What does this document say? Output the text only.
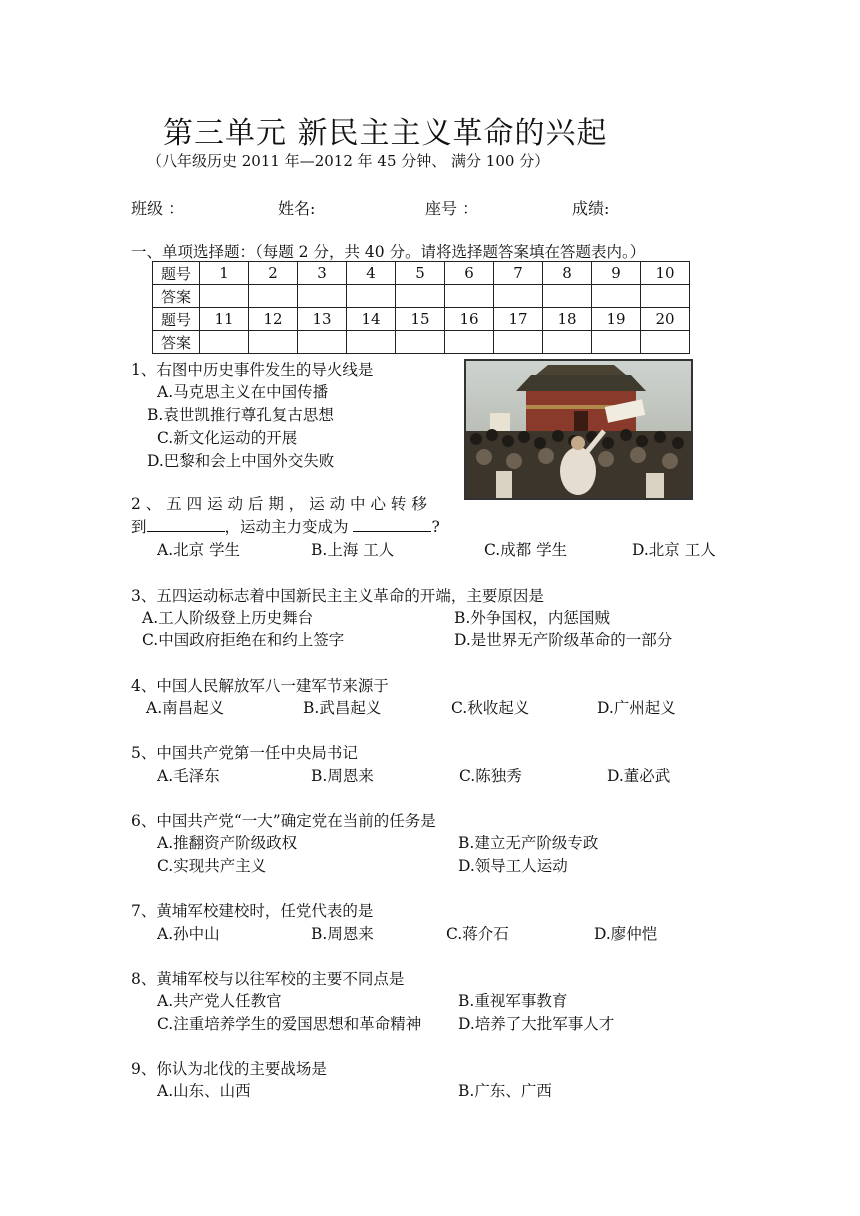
第三单元 新民主主义革命的兴起
（八年级历史 2011 年—2012 年 45 分钟、 满分 100 分）
班级 ：	姓名:	座号 ：	成绩:
一、单项选择题：（每题 2 分，共 40 分。请将选择题答案填在答题表内。）
题号	1	2	3	4	5	6	7	8	9	10
答案										
题号	11	12	13	14	15	16	17	18	19	20
答案										
1、右图中历史事件发生的导火线是
A.马克思主义在中国传播
B.袁世凯推行尊孔复古思想
C.新文化运动的开展
D.巴黎和会上中国外交失败
2 、 五 四 运 动 后 期 ， 运 动 中 心 转 移
到	，运动主力变成为	?
A.北京 学生	B.上海 工人	C.成都 学生	D.北京 工人
3、五四运动标志着中国新民主主义革命的开端，主要原因是
A.工人阶级登上历史舞台	B.外争国权，内惩国贼
C.中国政府拒绝在和约上签字	D.是世界无产阶级革命的一部分
4、中国人民解放军八一建军节来源于
A.南昌起义	B.武昌起义	C.秋收起义	D.广州起义
5、中国共产党第一任中央局书记
A.毛泽东	B.周恩来	C.陈独秀	D.董必武
6、中国共产党“一大”确定党在当前的任务是
A.推翻资产阶级政权	B.建立无产阶级专政
C.实现共产主义	D.领导工人运动
7、黄埔军校建校时，任党代表的是
A.孙中山	B.周恩来	C.蒋介石	D.廖仲恺
8、黄埔军校与以往军校的主要不同点是
A.共产党人任教官	B.重视军事教育
C.注重培养学生的爱国思想和革命精神 D.培养了大批军事人才
9、你认为北伐的主要战场是
A.山东、山西	B.广东、广西
